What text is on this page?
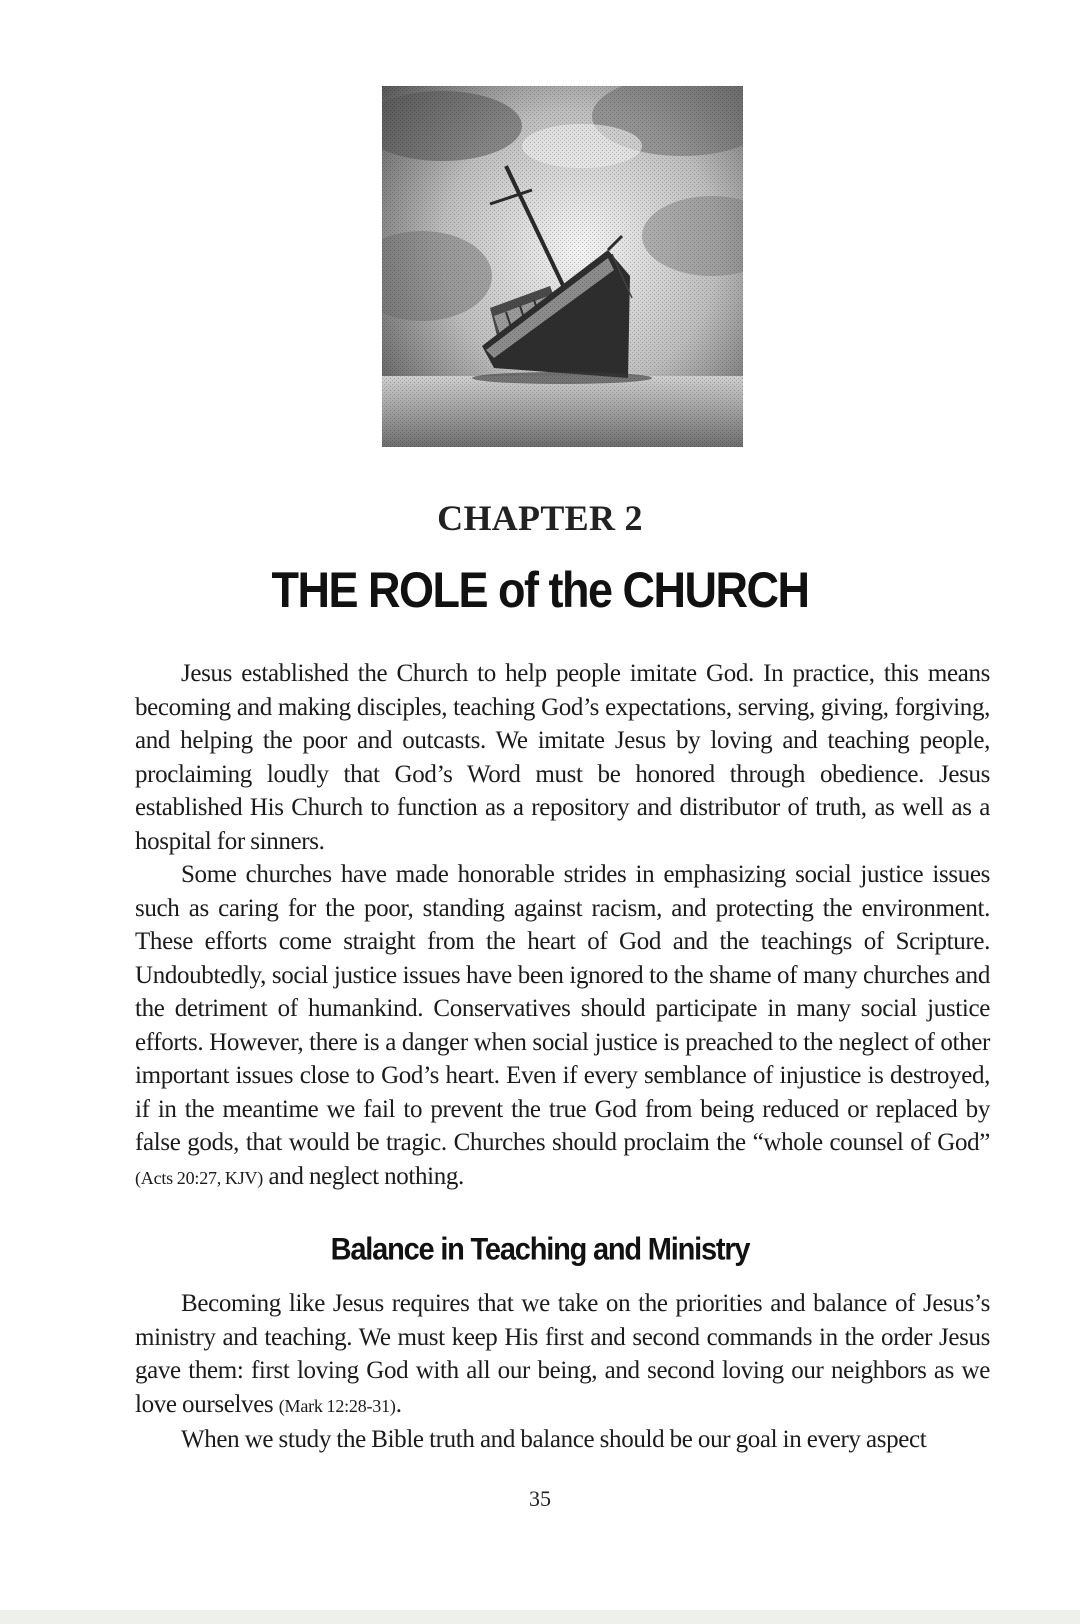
CHAPTER 2
THE ROLE of the CHURCH

Jesus established the Church to help people imitate God. In practice, this means becoming and making disciples, teaching God’s expectations, serving, giving, forgiving, and helping the poor and outcasts. We imitate Jesus by loving and teaching people, proclaiming loudly that God’s Word must be honored through obedience. Jesus established His Church to function as a repository and distributor of truth, as well as a hospital for sinners.

Some churches have made honorable strides in emphasizing social justice issues such as caring for the poor, standing against racism, and protecting the environment. These efforts come straight from the heart of God and the teachings of Scripture. Undoubtedly, social justice issues have been ignored to the shame of many churches and the detriment of humankind. Conservatives should participate in many social justice efforts. However, there is a danger when social justice is preached to the neglect of other important issues close to God’s heart. Even if every semblance of injustice is destroyed, if in the meantime we fail to prevent the true God from being reduced or replaced by false gods, that would be tragic. Churches should proclaim the “whole counsel of God” (Acts 20:27, KJV) and neglect nothing.

Balance in Teaching and Ministry

Becoming like Jesus requires that we take on the priorities and balance of Jesus’s ministry and teaching. We must keep His first and second commands in the order Jesus gave them: first loving God with all our being, and second loving our neighbors as we love ourselves (Mark 12:28-31).

When we study the Bible truth and balance should be our goal in every aspect

35
